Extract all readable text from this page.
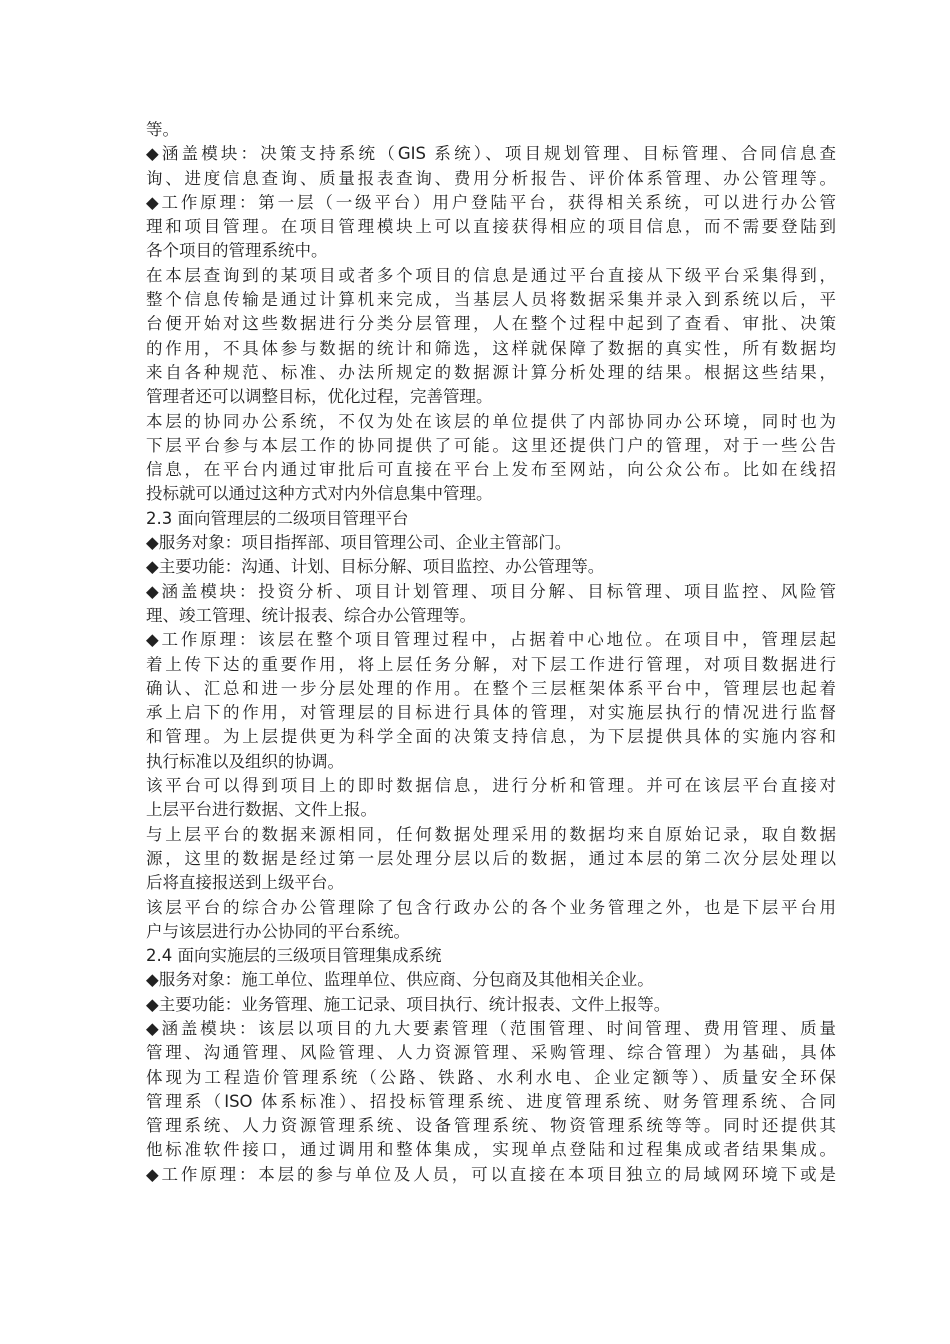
等。
◆涵盖模块：决策支持系统（GIS 系统）、项目规划管理、目标管理、合同信息查
询、进度信息查询、质量报表查询、费用分析报告、评价体系管理、办公管理等。
◆工作原理：第一层（一级平台）用户登陆平台，获得相关系统，可以进行办公管
理和项目管理。在项目管理模块上可以直接获得相应的项目信息，而不需要登陆到
各个项目的管理系统中。
在本层查询到的某项目或者多个项目的信息是通过平台直接从下级平台采集得到，
整个信息传输是通过计算机来完成，当基层人员将数据采集并录入到系统以后，平
台便开始对这些数据进行分类分层管理，人在整个过程中起到了查看、审批、决策
的作用，不具体参与数据的统计和筛选，这样就保障了数据的真实性，所有数据均
来自各种规范、标准、办法所规定的数据源计算分析处理的结果。根据这些结果，
管理者还可以调整目标，优化过程，完善管理。
本层的协同办公系统，不仅为处在该层的单位提供了内部协同办公环境，同时也为
下层平台参与本层工作的协同提供了可能。这里还提供门户的管理，对于一些公告
信息，在平台内通过审批后可直接在平台上发布至网站，向公众公布。比如在线招
投标就可以通过这种方式对内外信息集中管理。
2.3 面向管理层的二级项目管理平台
◆服务对象：项目指挥部、项目管理公司、企业主管部门。
◆主要功能：沟通、计划、目标分解、项目监控、办公管理等。
◆涵盖模块：投资分析、项目计划管理、项目分解、目标管理、项目监控、风险管
理、竣工管理、统计报表、综合办公管理等。
◆工作原理：该层在整个项目管理过程中，占据着中心地位。在项目中，管理层起
着上传下达的重要作用，将上层任务分解，对下层工作进行管理，对项目数据进行
确认、汇总和进一步分层处理的作用。在整个三层框架体系平台中，管理层也起着
承上启下的作用，对管理层的目标进行具体的管理，对实施层执行的情况进行监督
和管理。为上层提供更为科学全面的决策支持信息，为下层提供具体的实施内容和
执行标准以及组织的协调。
该平台可以得到项目上的即时数据信息，进行分析和管理。并可在该层平台直接对
上层平台进行数据、文件上报。
与上层平台的数据来源相同，任何数据处理采用的数据均来自原始记录，取自数据
源，这里的数据是经过第一层处理分层以后的数据，通过本层的第二次分层处理以
后将直接报送到上级平台。
该层平台的综合办公管理除了包含行政办公的各个业务管理之外，也是下层平台用
户与该层进行办公协同的平台系统。
2.4 面向实施层的三级项目管理集成系统
◆服务对象：施工单位、监理单位、供应商、分包商及其他相关企业。
◆主要功能：业务管理、施工记录、项目执行、统计报表、文件上报等。
◆涵盖模块：该层以项目的九大要素管理（范围管理、时间管理、费用管理、质量
管理、沟通管理、风险管理、人力资源管理、采购管理、综合管理）为基础，具体
体现为工程造价管理系统（公路、铁路、水利水电、企业定额等）、质量安全环保
管理系（ISO 体系标准）、招投标管理系统、进度管理系统、财务管理系统、合同
管理系统、人力资源管理系统、设备管理系统、物资管理系统等等。同时还提供其
他标准软件接口，通过调用和整体集成，实现单点登陆和过程集成或者结果集成。
◆工作原理：本层的参与单位及人员，可以直接在本项目独立的局域网环境下或是
